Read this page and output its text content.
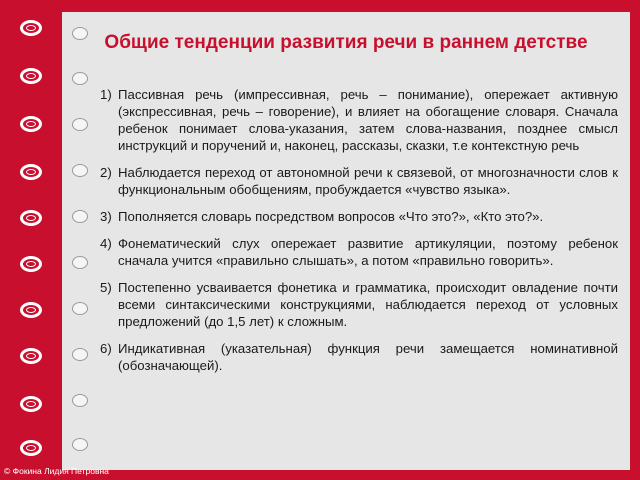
Общие тенденции развития речи в раннем детстве
1) Пассивная речь (импрессивная, речь – понимание), опережает активную (экспрессивная, речь – говорение), и влияет на обогащение словаря. Сначала ребенок понимает слова-указания, затем слова-названия, позднее смысл инструкций и поручений и, наконец, рассказы, сказки, т.е контекстную речь
2) Наблюдается переход от автономной речи к связевой, от многозначности слов к функциональным обобщениям, пробуждается «чувство языка».
3) Пополняется словарь посредством вопросов «Что это?», «Кто это?».
4) Фонематический слух опережает развитие артикуляции, поэтому ребенок сначала учится «правильно слышать», а потом «правильно говорить».
5) Постепенно усваивается фонетика и грамматика, происходит овладение почти всеми синтаксическими конструкциями, наблюдается переход от условных предложений (до 1,5 лет) к сложным.
6) Индикативная (указательная) функция речи замещается номинативной (обозначающей).
© Фокина Лидия Петровна
